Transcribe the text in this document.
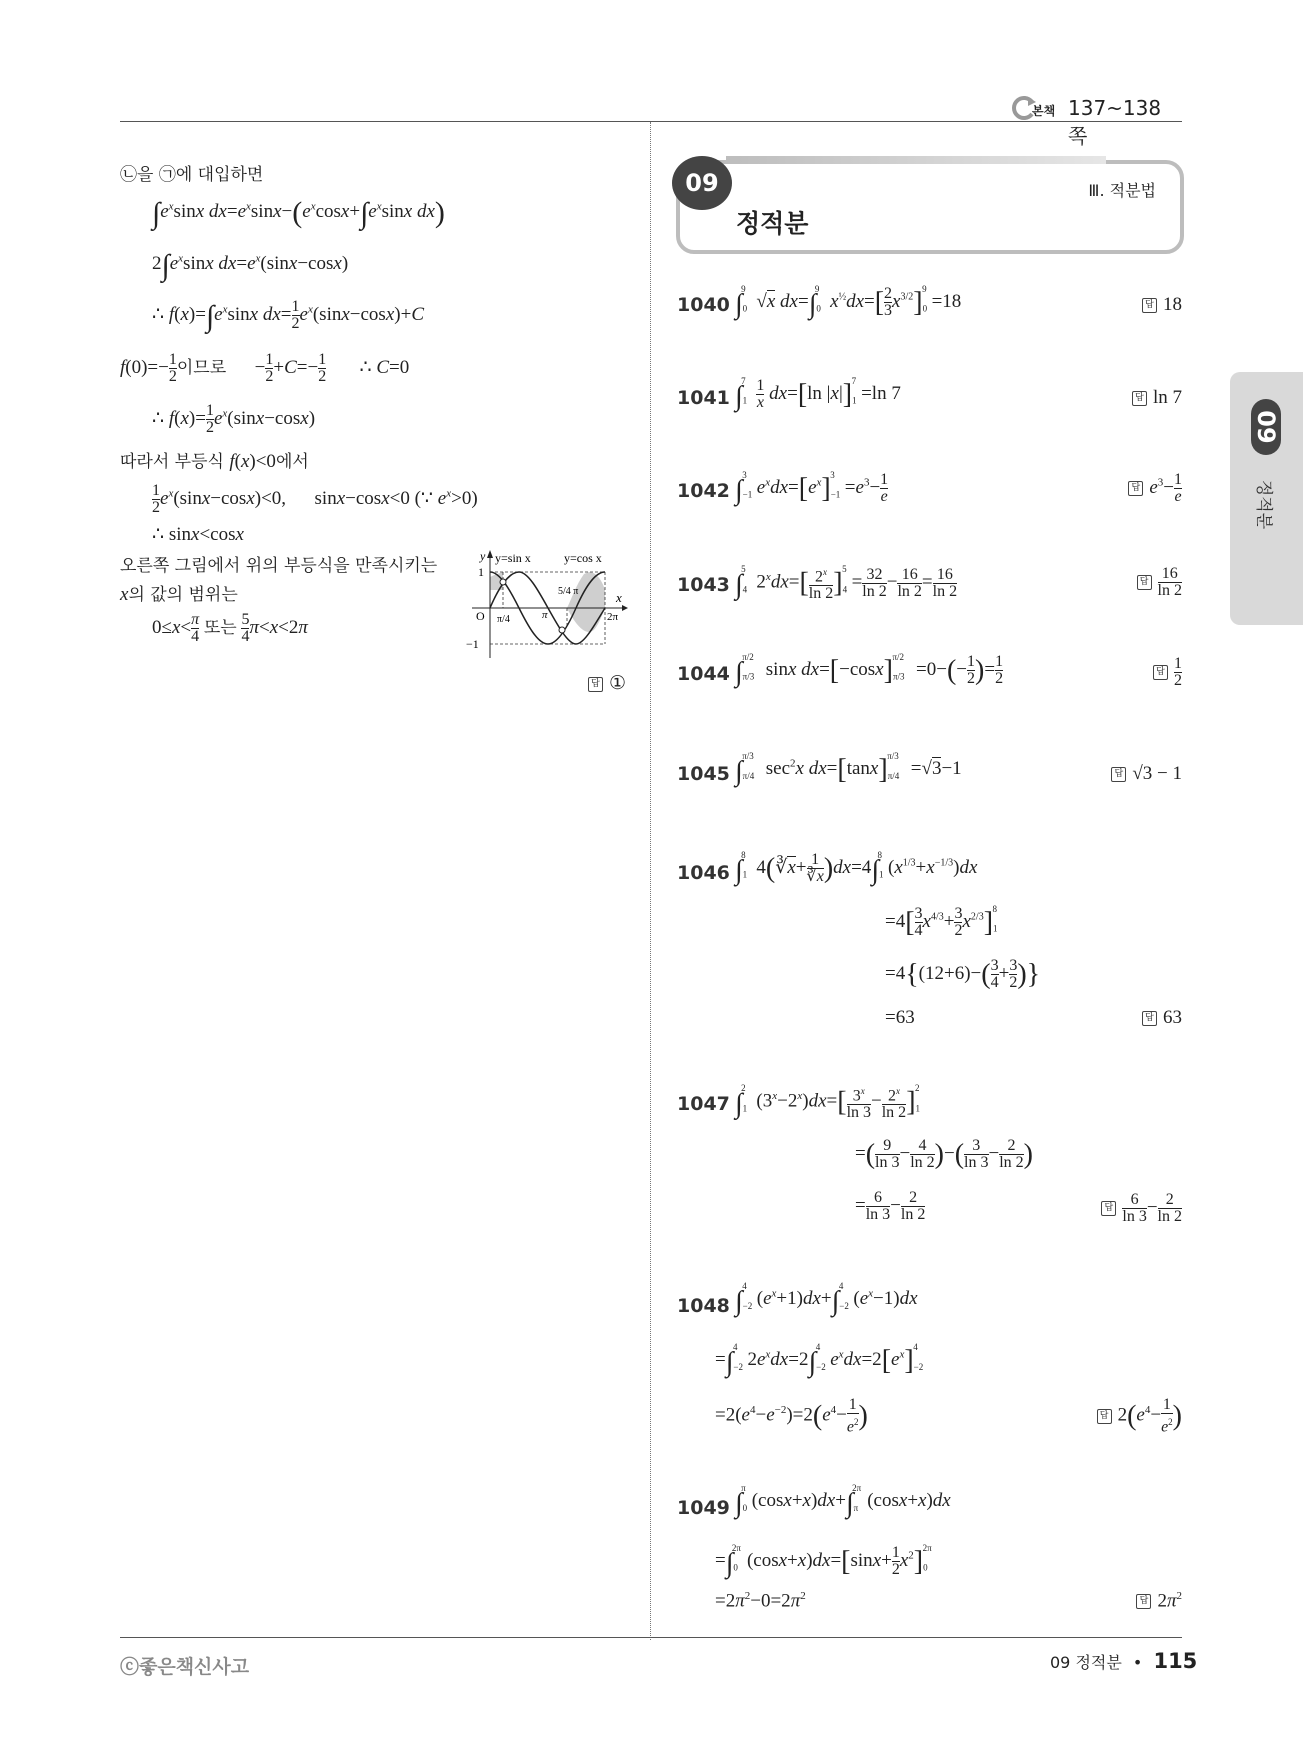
본책 137~138쪽
㉡을 ㉠에 대입하면
$\int e^x\sin x$ $dx=e^x\sin x-(e^x\cos x+\int e^x\sin x$ dx)
$2\int e^x\sin x$ $dx=e^x(\sin x-\cos x)$
∴ $f(x)=\int e^x\sin x$ $dx= \frac{1}{2} e^x(\sin x-\cos x)+C$
$f(0)=- \frac{1}{2}$ 이므로      − $\frac{1}{2} +C=- \frac{1}{2}$ ∴ C=0
∴ $f(x)= \frac{1}{2} e^x(\sin x-\cos x)$
따라서 부등식 f(x)<0에서
$\frac{1}{2} e^x(\sin x-\cos x)<0$,      sinx−cosx<0 (∵ $e^x>0$)
∴ sinx<cosx
오른쪽 그림에서 위의 부등식을 만족시키는
x의 값의 범위는
$0\le x< \frac{\pi}{4}$ 또는 $\frac{5}{4} \pi<x<2\pi$
y
x
y=sin x	y=cos x
1
−1
O π/4
5/4 π
π	2π
답①
09
정적분
Ⅲ. 적분법
09
정적분
1040 $\int_0^9$ √x $dx=\int_0^9$ $x^{\frac{1}{2}}dx=[ \frac{2}{3} x^{3/2}]_0^9=18$ 답	18
1041 $\int_1^7 \frac{1}{x} dx=[\ln$ $|x|]_1^7=\ln$ 7 답	ln 7
1042 $\int_{-1}^3e^xdx=[e^x]_{-1}^3=e^3- \frac{1}{e}$ 답	$e^3- \frac{1}{e}$
1043 $\int_4^5$ $2^xdx=[ \frac{2^x}{\ln 2} ]_4^5= \frac{32}{\ln 2} - \frac{16}{\ln 2} = \frac{16}{\ln 2}$
답	$\frac{16}{\ln 2}$
1044 $\int_{\pi/3}^{\pi/2}\sin x$ $dx=[-\cos x]_{\pi/3}^{\pi/2}=0-(- \frac{1}{2}$ )= $\frac{1}{2}$
답	$\frac{1}{2}$
1045 $\int_{\pi/4}^{\pi/3}\sec^2x$ $dx=[\tan x]_{\pi/4}^{\pi/3}=√3-1$ 답	√3 − 1
1046 $\int_1^8$ 4(∛x+ $\frac{1}{∛x} )dx=4\int_1^8(x^{1/3}+x^{-1/3})dx$
$=4[ \frac{3}{4} x^{4/3}+ \frac{3}{2} x^{2/3}]_1^8$
$=4\{(12+6)-( \frac{3}{4} + \frac{3}{2}$ )}
=63 답	63
1047 $\int_1^2$ $(3^x-2^x)dx=[ \frac{3^x}{\ln 3} - \frac{2^x}{\ln 2} ]_1^2$
=( $\frac{9}{\ln 3} - \frac{4}{\ln 2}$ )−( $\frac{3}{\ln 3} - \frac{2}{\ln 2}$ )
= $\frac{6}{\ln 3} - \frac{2}{\ln 2}$
답	$\frac{6}{\ln 3} - \frac{2}{\ln 2}$
1048 $\int_{-2}^4(e^x+1)dx+\int_{-2}^4(e^x-1)dx$
$=\int_{-2}^42e^xdx=2\int_{-2}^4e^xdx=2[e^x]_{-2}^4$
$=2(e^4-e^{-2})=2(e^4- \frac{1}{e^2}$ ) 답	$2(e^4- \frac{1}{e^2}$ )
1049 $\int_0^\pi(\cos x+x)dx+\int_\pi^{2\pi}(\cos x+x)dx$
$=\int_0^{2\pi}(\cos x+x)dx=[\sin x+ \frac{1}{2} x^2]_0^{2\pi}$
$=2\pi^2-0=2\pi^2$ 답	$2\pi^2$
ⓒ좋은책신사고	09 정적분 • 115
